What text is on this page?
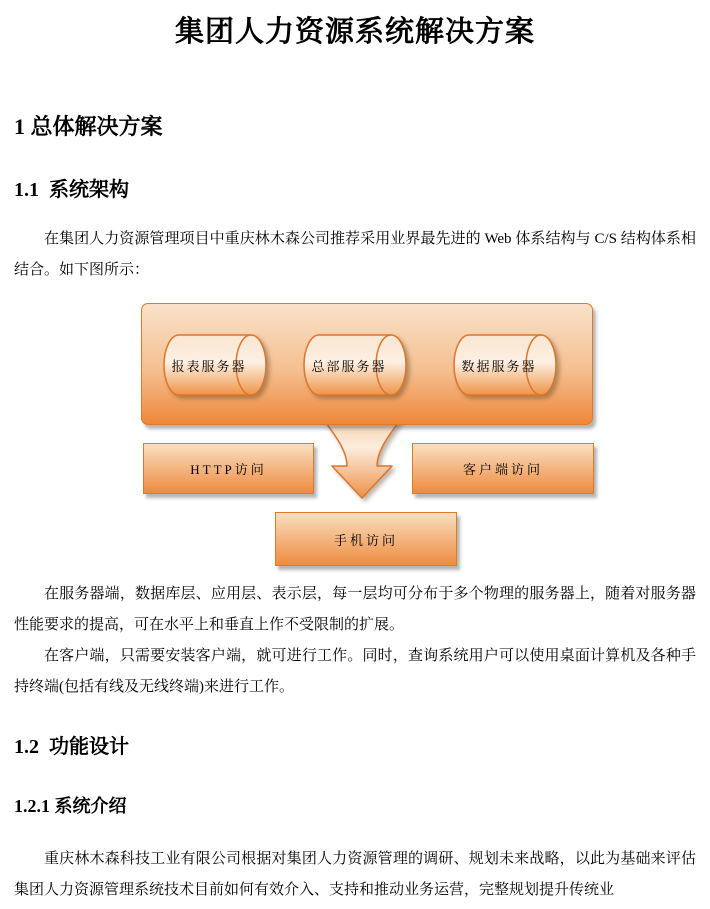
集团人力资源系统解决方案
1 总体解决方案
1.1  系统架构

在集团人力资源管理项目中重庆林木森公司推荐采用业界最先进的 Web 体系结构与 C/S 结构体系相结合。如下图所示：

报表服务器	总部服务器	数据服务器
HTTP访问	客户端访问
手机访问

在服务器端，数据库层、应用层、表示层，每一层均可分布于多个物理的服务器上，随着对服务器性能要求的提高，可在水平上和垂直上作不受限制的扩展。

在客户端，只需要安装客户端，就可进行工作。同时，查询系统用户可以使用桌面计算机及各种手持终端(包括有线及无线终端)来进行工作。

1.2  功能设计
1.2.1 系统介绍

重庆林木森科技工业有限公司根据对集团人力资源管理的调研、规划未来战略，以此为基础来评估集团人力资源管理系统技术目前如何有效介入、支持和推动业务运营，完整规划提升传统业
